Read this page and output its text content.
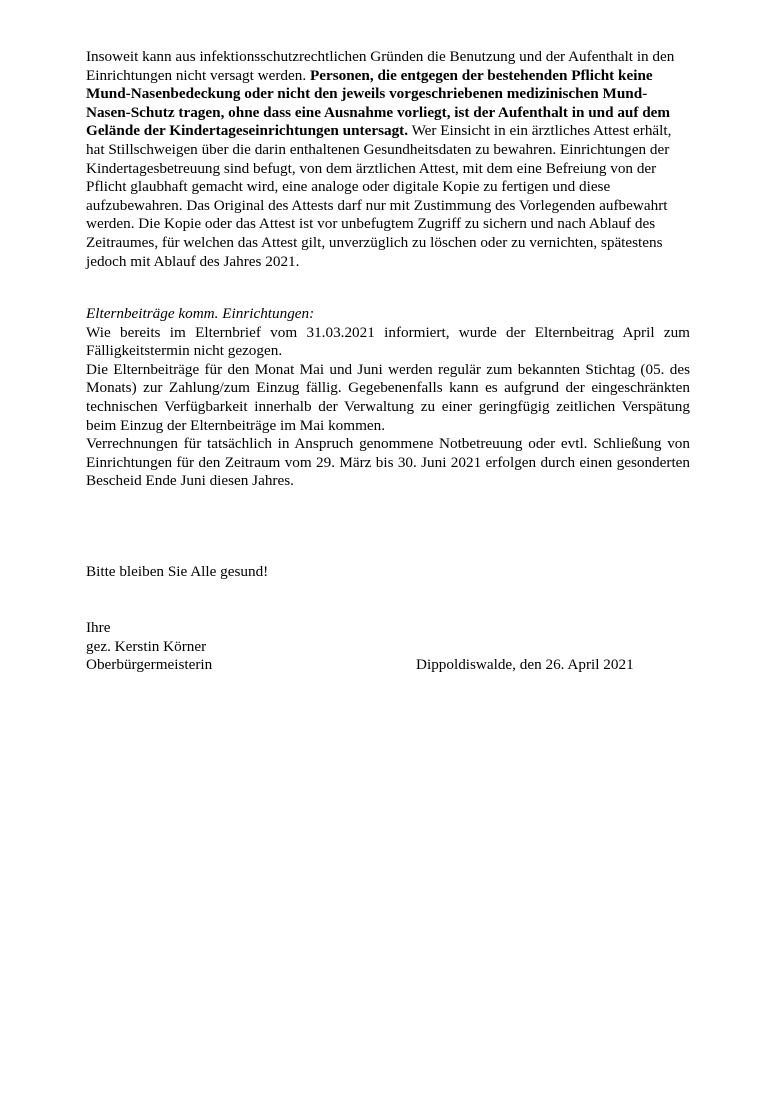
Insoweit kann aus infektionsschutzrechtlichen Gründen die Benutzung und der Aufenthalt in den Einrichtungen nicht versagt werden. Personen, die entgegen der bestehenden Pflicht keine Mund-Nasenbedeckung oder nicht den jeweils vorgeschriebenen medizinischen Mund-Nasen-Schutz tragen, ohne dass eine Ausnahme vorliegt, ist der Aufenthalt in und auf dem Gelände der Kindertageseinrichtungen untersagt. Wer Einsicht in ein ärztliches Attest erhält, hat Stillschweigen über die darin enthaltenen Gesundheitsdaten zu bewahren. Einrichtungen der Kindertagesbetreuung sind befugt, von dem ärztlichen Attest, mit dem eine Befreiung von der Pflicht glaubhaft gemacht wird, eine analoge oder digitale Kopie zu fertigen und diese aufzubewahren. Das Original des Attests darf nur mit Zustimmung des Vorlegenden aufbewahrt werden. Die Kopie oder das Attest ist vor unbefugtem Zugriff zu sichern und nach Ablauf des Zeitraumes, für welchen das Attest gilt, unverzüglich zu löschen oder zu vernichten, spätestens jedoch mit Ablauf des Jahres 2021.

Elternbeiträge komm. Einrichtungen:

Wie bereits im Elternbrief vom 31.03.2021 informiert, wurde der Elternbeitrag April zum Fälligkeitstermin nicht gezogen.

Die Elternbeiträge für den Monat Mai und Juni werden regulär zum bekannten Stichtag (05. des Monats) zur Zahlung/zum Einzug fällig. Gegebenenfalls kann es aufgrund der eingeschränkten technischen Verfügbarkeit innerhalb der Verwaltung zu einer geringfügig zeitlichen Verspätung beim Einzug der Elternbeiträge im Mai kommen.

Verrechnungen für tatsächlich in Anspruch genommene Notbetreuung oder evtl. Schließung von Einrichtungen für den Zeitraum vom 29. März bis 30. Juni 2021 erfolgen durch einen gesonderten Bescheid Ende Juni diesen Jahres.

Bitte bleiben Sie Alle gesund!
Ihre
gez. Kerstin Körner
Oberbürgermeisterin	Dippoldiswalde, den 26. April 2021
